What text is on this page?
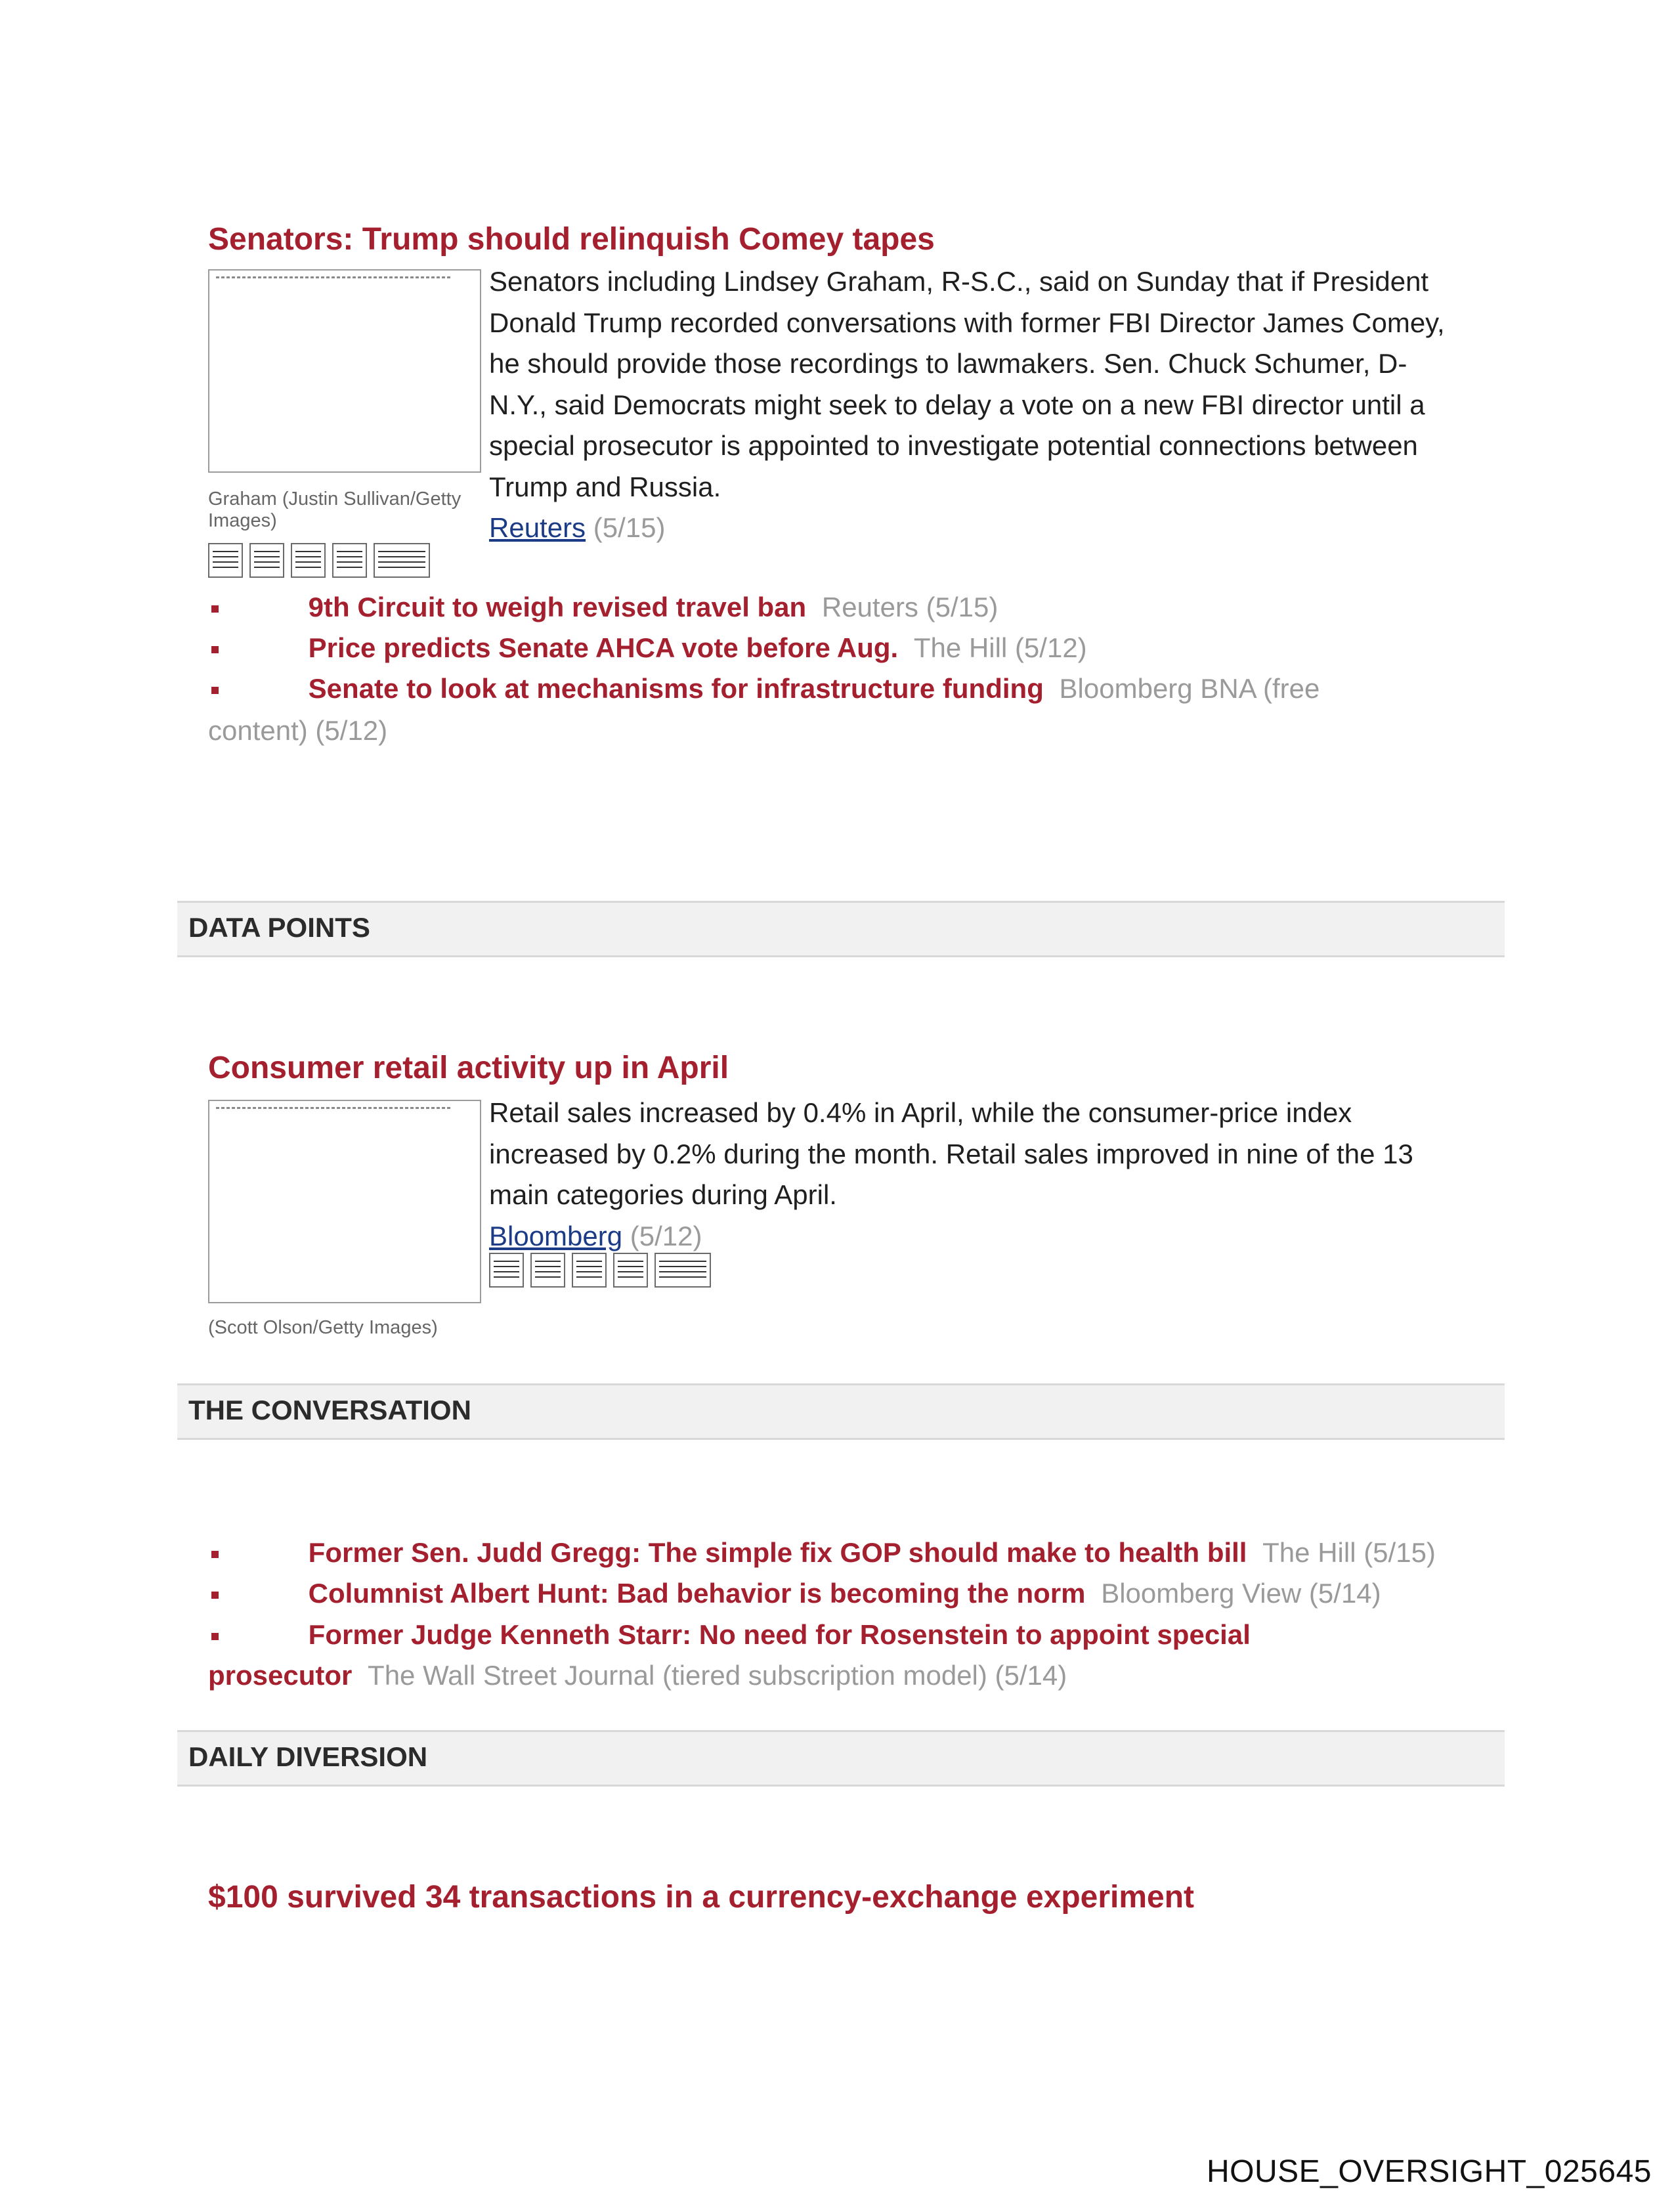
Senators: Trump should relinquish Comey tapes
Senators including Lindsey Graham, R-S.C., said on Sunday that if President
Donald Trump recorded conversations with former FBI Director James Comey,
he should provide those recordings to lawmakers. Sen. Chuck Schumer, D-
N.Y., said Democrats might seek to delay a vote on a new FBI director until a
special prosecutor is appointed to investigate potential connections between
Trump and Russia.
Reuters (5/15)
Graham (Justin Sullivan/Getty
Images)
9th Circuit to weigh revised travel ban Reuters (5/15)
Price predicts Senate AHCA vote before Aug. The Hill (5/12)
Senate to look at mechanisms for infrastructure funding Bloomberg BNA (free
content) (5/12)
DATA POINTS
Consumer retail activity up in April
Retail sales increased by 0.4% in April, while the consumer-price index
increased by 0.2% during the month. Retail sales improved in nine of the 13
main categories during April.
Bloomberg (5/12)
(Scott Olson/Getty Images)
THE CONVERSATION
Former Sen. Judd Gregg: The simple fix GOP should make to health bill The Hill (5/15)
Columnist Albert Hunt: Bad behavior is becoming the norm Bloomberg View (5/14)
Former Judge Kenneth Starr: No need for Rosenstein to appoint special
prosecutor The Wall Street Journal (tiered subscription model) (5/14)
DAILY DIVERSION
$100 survived 34 transactions in a currency-exchange experiment
HOUSE_OVERSIGHT_025645
